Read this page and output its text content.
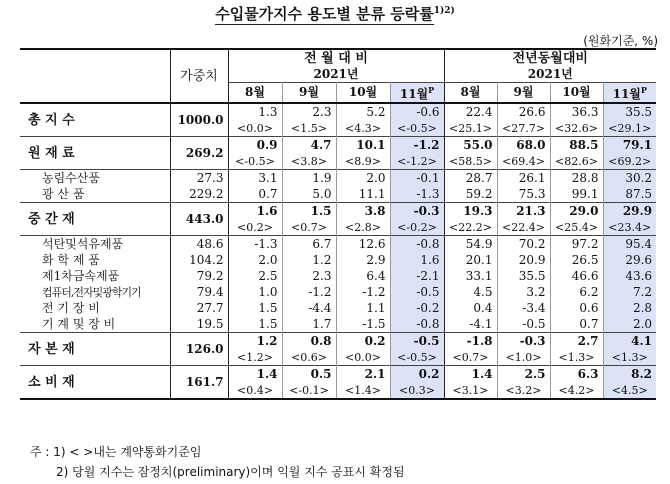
수입물가지수 용도별 분류 등락률$^{1)2)}$
(원화기준, %)
	가중치	전 월 대 비				전년동월대비			
		2021년				2021년			
		8월	9월	10월	11월$^P$	8월	9월	10월	11월$^P$
총 지 수	1000.0	1.3	2.3	5.2	-0.6	22.4	26.6	36.3	35.5
		<0.0>	<1.5>	<4.3>	<-0.5>	<25.1>	<27.7>	<32.6>	<29.1>
원 재 료	269.2	0.9	4.7	10.1	-1.2	55.0	68.0	88.5	79.1
		<-0.5>	<3.8>	<8.9>	<-1.2>	<58.5>	<69.4>	<82.6>	<69.2>
농림수산품	27.3	3.1	1.9	2.0	-0.1	28.7	26.1	28.8	30.2
광 산 품	229.2	0.7	5.0	11.1	-1.3	59.2	75.3	99.1	87.5
중 간 재	443.0	1.6	1.5	3.8	-0.3	19.3	21.3	29.0	29.9
		<0.2>	<0.7>	<2.8>	<-0.2>	<22.2>	<22.4>	<25.4>	<23.4>
석탄및석유제품	48.6	-1.3	6.7	12.6	-0.8	54.9	70.2	97.2	95.4
화 학 제 품	104.2	2.0	1.2	2.9	1.6	20.1	20.9	26.5	29.6
제1차금속제품	79.2	2.5	2.3	6.4	-2.1	33.1	35.5	46.6	43.6
컴퓨터,전자및광학기기	79.4	1.0	-1.2	-1.2	-0.5	4.5	3.2	6.2	7.2
전 기 장 비	27.7	1.5	-4.4	1.1	-0.2	0.4	-3.4	0.6	2.8
기 계 및 장 비	19.5	1.5	1.7	-1.5	-0.8	-4.1	-0.5	0.7	2.0
자 본 재	126.0	1.2	0.8	0.2	-0.5	-1.8	-0.3	2.7	4.1
		<1.2>	<0.6>	<0.0>	<-0.5>	<0.7>	<1.0>	<1.3>	<1.3>
소 비 재	161.7	1.4	0.5	2.1	0.2	1.4	2.5	6.3	8.2
		<0.4>	<-0.1>	<1.4>	<0.3>	<3.1>	<3.2>	<4.2>	<4.5>
주 : 1) < >내는 계약통화기준임
2) 당월 지수는 잠정치(preliminary)이며 익월 지수 공표시 확정됨
